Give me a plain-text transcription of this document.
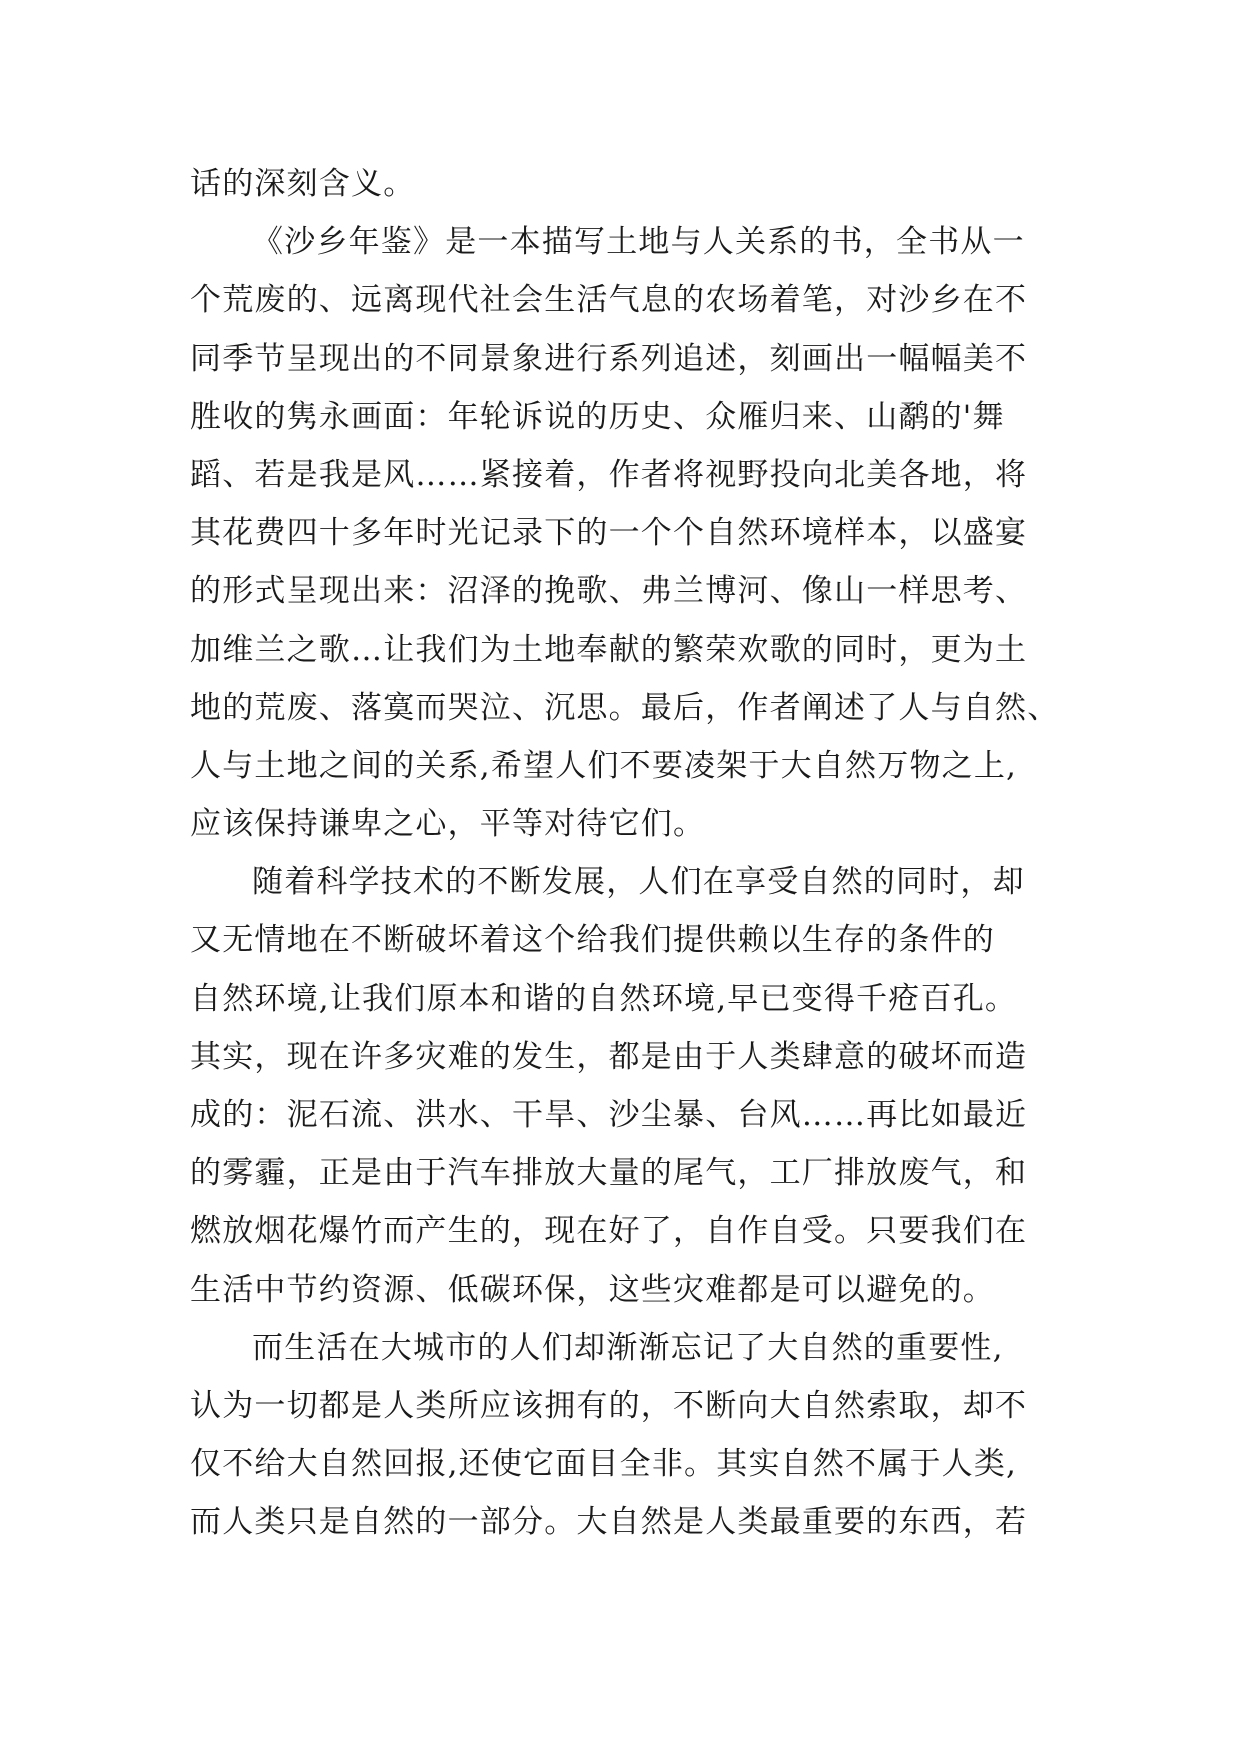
话的深刻含义。
《沙乡年鉴》是一本描写土地与人关系的书，全书从一
个荒废的、远离现代社会生活气息的农场着笔，对沙乡在不
同季节呈现出的不同景象进行系列追述，刻画出一幅幅美不
胜收的隽永画面：年轮诉说的历史、众雁归来、山鹬的'舞
蹈、若是我是风……紧接着，作者将视野投向北美各地，将
其花费四十多年时光记录下的一个个自然环境样本，以盛宴
的形式呈现出来：沼泽的挽歌、弗兰博河、像山一样思考、
加维兰之歌…让我们为土地奉献的繁荣欢歌的同时，更为土
地的荒废、落寞而哭泣、沉思。最后，作者阐述了人与自然、
人与土地之间的关系,希望人们不要凌架于大自然万物之上,
应该保持谦卑之心，平等对待它们。
随着科学技术的不断发展，人们在享受自然的同时，却
又无情地在不断破坏着这个给我们提供赖以生存的条件的
自然环境,让我们原本和谐的自然环境,早已变得千疮百孔。
其实，现在许多灾难的发生，都是由于人类肆意的破坏而造
成的：泥石流、洪水、干旱、沙尘暴、台风……再比如最近
的雾霾，正是由于汽车排放大量的尾气，工厂排放废气，和
燃放烟花爆竹而产生的，现在好了，自作自受。只要我们在
生活中节约资源、低碳环保，这些灾难都是可以避免的。
而生活在大城市的人们却渐渐忘记了大自然的重要性,
认为一切都是人类所应该拥有的，不断向大自然索取，却不
仅不给大自然回报,还使它面目全非。其实自然不属于人类,
而人类只是自然的一部分。大自然是人类最重要的东西，若
